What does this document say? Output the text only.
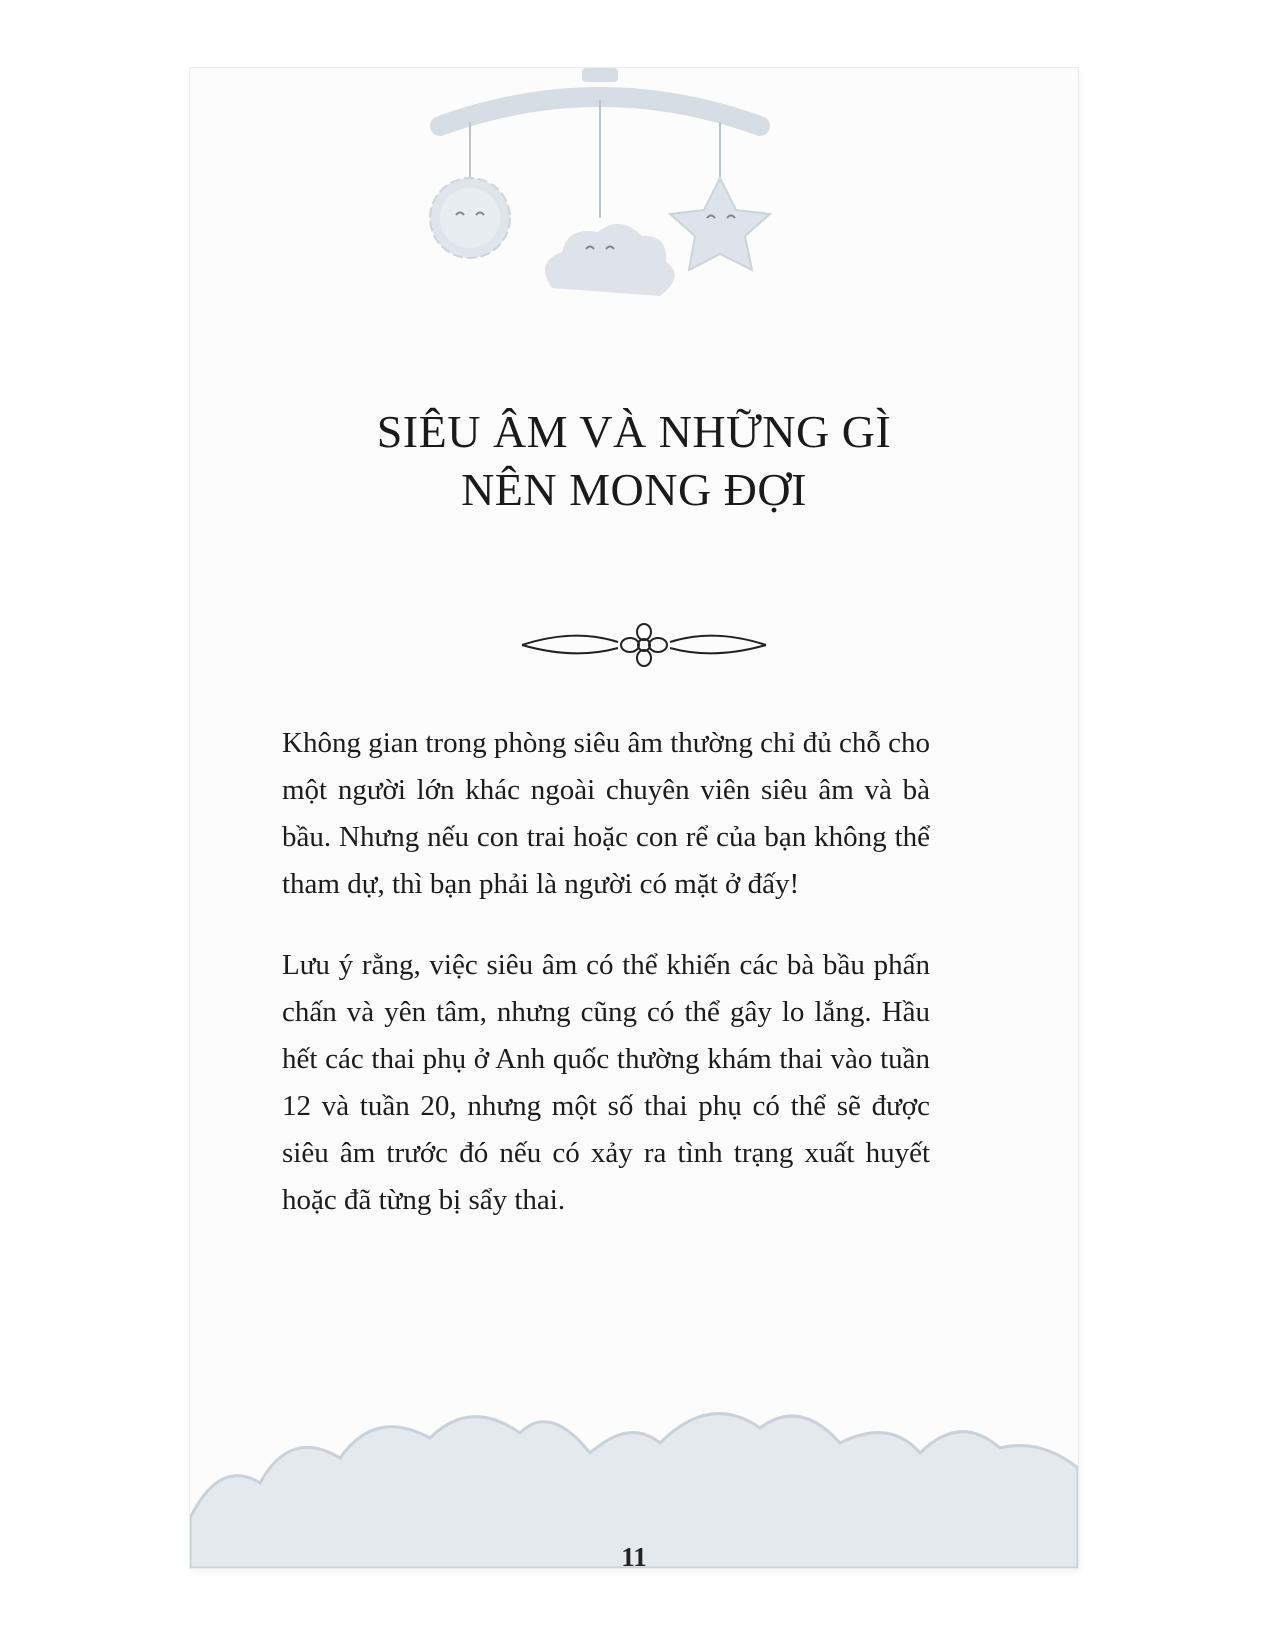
SIÊU ÂM VÀ NHỮNG GÌ
NÊN MONG ĐỢI

Không gian trong phòng siêu âm thường chỉ đủ chỗ cho một người lớn khác ngoài chuyên viên siêu âm và bà bầu. Nhưng nếu con trai hoặc con rể của bạn không thể tham dự, thì bạn phải là người có mặt ở đấy!

Lưu ý rằng, việc siêu âm có thể khiến các bà bầu phấn chấn và yên tâm, nhưng cũng có thể gây lo lắng. Hầu hết các thai phụ ở Anh quốc thường khám thai vào tuần 12 và tuần 20, nhưng một số thai phụ có thể sẽ được siêu âm trước đó nếu có xảy ra tình trạng xuất huyết hoặc đã từng bị sẩy thai.

11
